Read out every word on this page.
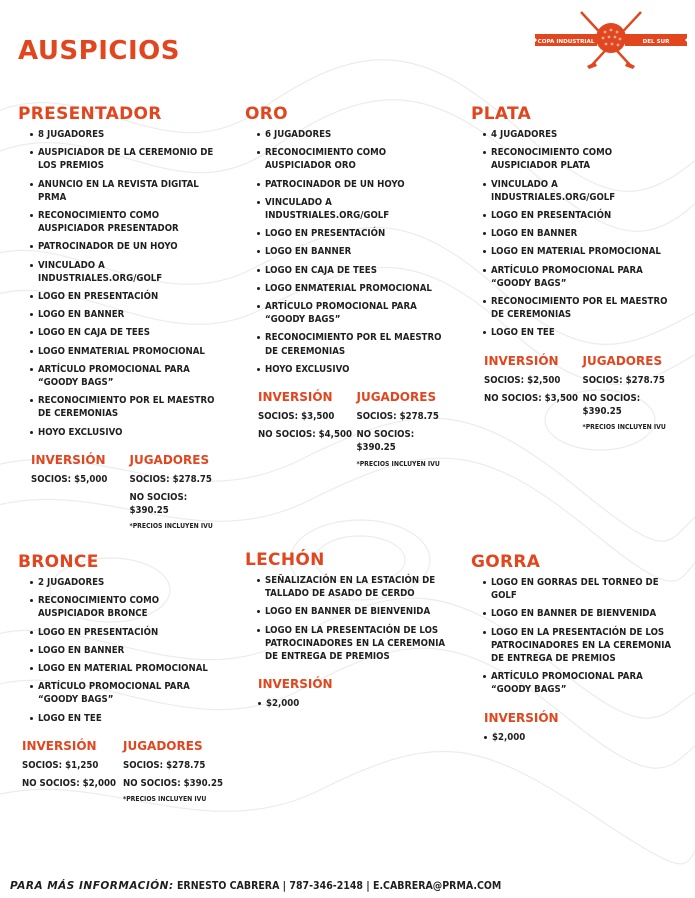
AUSPICIOS	COPA INDUSTRIAL	DEL SUR
PRESENTADOR
8 JUGADORES
AUSPICIADOR DE LA CEREMONIO DE LOS PREMIOS
ANUNCIO EN LA REVISTA DIGITAL PRMA
RECONOCIMIENTO COMO AUSPICIADOR PRESENTADOR
PATROCINADOR DE UN HOYO
VINCULADO A INDUSTRIALES.ORG/GOLF
LOGO EN PRESENTACIÓN
LOGO EN BANNER
LOGO EN CAJA DE TEES
LOGO ENMATERIAL PROMOCIONAL
ARTÍCULO PROMOCIONAL PARA “GOODY BAGS”
RECONOCIMIENTO POR EL MAESTRO DE CEREMONIAS
HOYO EXCLUSIVO
INVERSIÓN
SOCIOS: $5,000
JUGADORES
SOCIOS: $278.75
NO SOCIOS: $390.25
*PRECIOS INCLUYEN IVU
ORO
6 JUGADORES
RECONOCIMIENTO COMO AUSPICIADOR ORO
PATROCINADOR DE UN HOYO
VINCULADO A INDUSTRIALES.ORG/GOLF
LOGO EN PRESENTACIÓN
LOGO EN BANNER
LOGO EN CAJA DE TEES
LOGO ENMATERIAL PROMOCIONAL
ARTÍCULO PROMOCIONAL PARA “GOODY BAGS”
RECONOCIMIENTO POR EL MAESTRO DE CEREMONIAS
HOYO EXCLUSIVO
INVERSIÓN
SOCIOS: $3,500
NO SOCIOS: $4,500
JUGADORES
SOCIOS: $278.75
NO SOCIOS: $390.25
*PRECIOS INCLUYEN IVU
PLATA
4 JUGADORES
RECONOCIMIENTO COMO AUSPICIADOR PLATA
VINCULADO A INDUSTRIALES.ORG/GOLF
LOGO EN PRESENTACIÓN
LOGO EN BANNER
LOGO EN MATERIAL PROMOCIONAL
ARTÍCULO PROMOCIONAL PARA “GOODY BAGS”
RECONOCIMIENTO POR EL MAESTRO DE CEREMONIAS
LOGO EN TEE
INVERSIÓN
SOCIOS: $2,500
NO SOCIOS: $3,500
JUGADORES
SOCIOS: $278.75
NO SOCIOS: $390.25
*PRECIOS INCLUYEN IVU
BRONCE
2 JUGADORES
RECONOCIMIENTO COMO AUSPICIADOR BRONCE
LOGO EN PRESENTACIÓN
LOGO EN BANNER
LOGO EN MATERIAL PROMOCIONAL
ARTÍCULO PROMOCIONAL PARA “GOODY BAGS”
LOGO EN TEE
INVERSIÓN
SOCIOS: $1,250
NO SOCIOS: $2,000
JUGADORES
SOCIOS: $278.75
NO SOCIOS: $390.25
*PRECIOS INCLUYEN IVU
LECHÓN
SEÑALIZACIÓN EN LA ESTACIÓN DE TALLADO DE ASADO DE CERDO
LOGO EN BANNER DE BIENVENIDA
LOGO EN LA PRESENTACIÓN DE LOS PATROCINADORES EN LA CEREMONIA DE ENTREGA DE PREMIOS
INVERSIÓN
$2,000
GORRA
LOGO EN GORRAS DEL TORNEO DE GOLF
LOGO EN BANNER DE BIENVENIDA
LOGO EN LA PRESENTACIÓN DE LOS PATROCINADORES EN LA CEREMONIA DE ENTREGA DE PREMIOS
ARTÍCULO PROMOCIONAL PARA “GOODY BAGS”
INVERSIÓN
$2,000
PARA MÁS INFORMACIÓN: ERNESTO CABRERA | 787-346-2148 | E.CABRERA@PRMA.COM
